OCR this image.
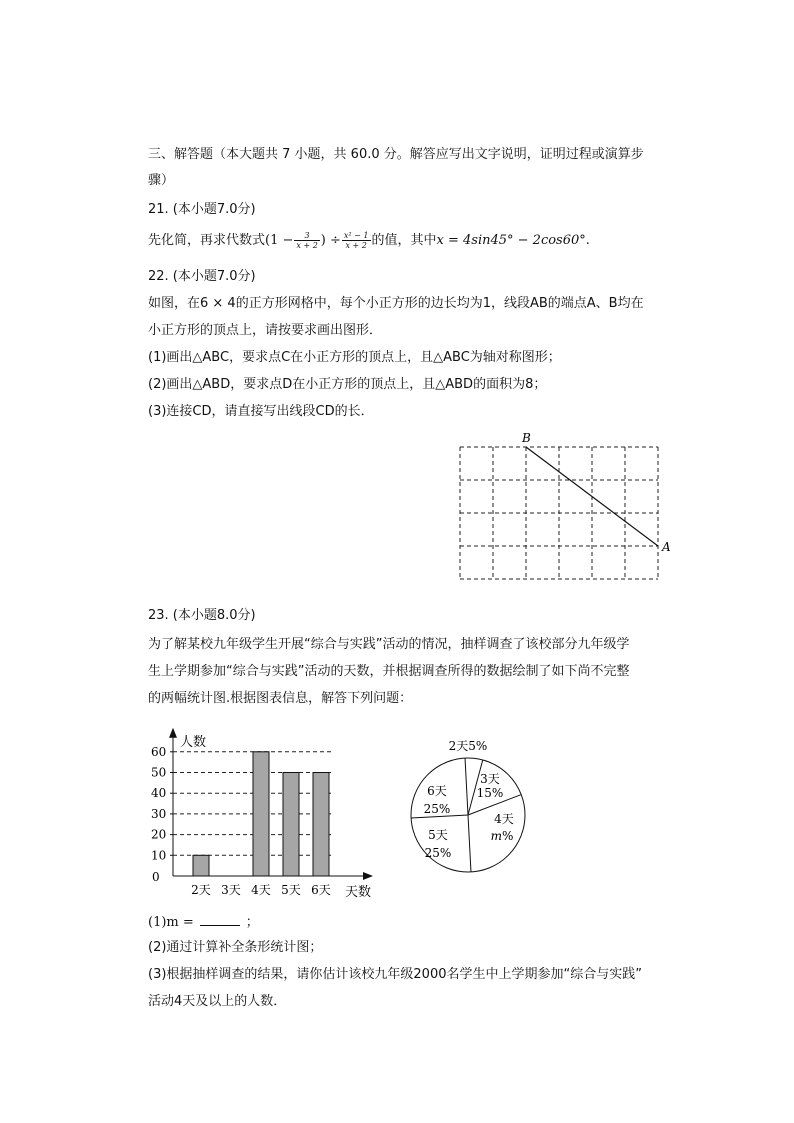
三、解答题（本大题共 7 小题，共 60.0 分。解答应写出文字说明，证明过程或演算步
骤）
21. (本小题7.0分)
先化简，再求代数式($1 - \frac{3}{x + 2}$ ) ÷ $\frac{\text{x² − 1}}{x + 2}$ 的值，其中x = 4sin45° − 2cos60°.
22. (本小题7.0分)
如图，在6 × 4的正方形网格中，每个小正方形的边长均为1，线段AB的端点A、B均在
小正方形的顶点上，请按要求画出图形．
(1)画出△ABC，要求点C在小正方形的顶点上，且△ABC为轴对称图形；
(2)画出△ABD，要求点D在小正方形的顶点上，且△ABD的面积为8；
(3)连接CD，请直接写出线段CD的长．
B
A
23. (本小题8.0分)
为了解某校九年级学生开展“综合与实践”活动的情况，抽样调查了该校部分九年级学
生上学期参加“综合与实践”活动的天数，并根据调查所得的数据绘制了如下尚不完整
的两幅统计图.根据图表信息，解答下列问题：
人数
天数
0
10
20
30
40
50
60
2天 3天 4天 5天 6天
2天5%
3天
15%
4天
m%
5天
25%
6天
25%
(1)m =	；
(2)通过计算补全条形统计图；
(3)根据抽样调查的结果，请你估计该校九年级2000名学生中上学期参加“综合与实践”
活动4天及以上的人数．
